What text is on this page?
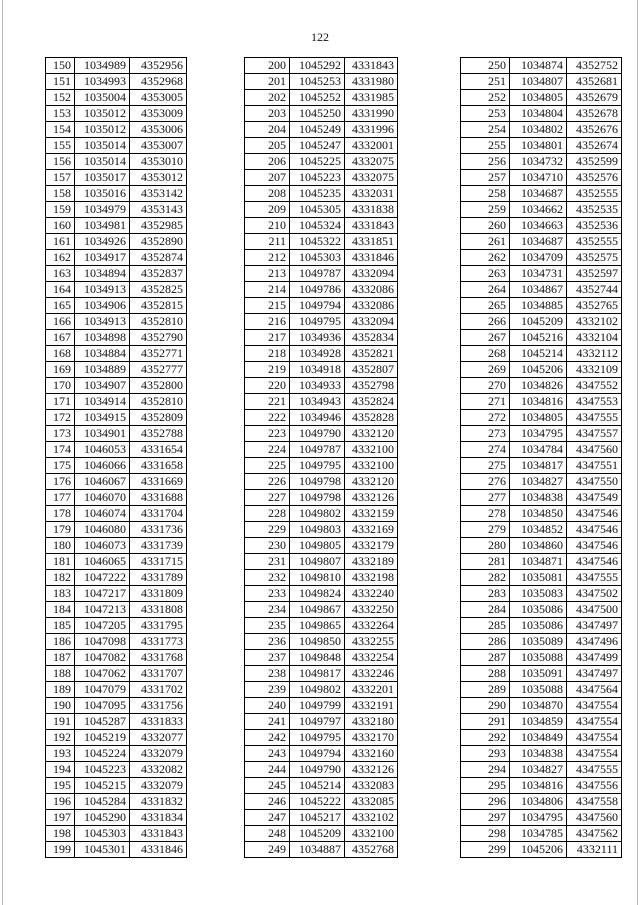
122
150	1034989	4352956
151	1034993	4352968
152	1035004	4353005
153	1035012	4353009
154	1035012	4353006
155	1035014	4353007
156	1035014	4353010
157	1035017	4353012
158	1035016	4353142
159	1034979	4353143
160	1034981	4352985
161	1034926	4352890
162	1034917	4352874
163	1034894	4352837
164	1034913	4352825
165	1034906	4352815
166	1034913	4352810
167	1034898	4352790
168	1034884	4352771
169	1034889	4352777
170	1034907	4352800
171	1034914	4352810
172	1034915	4352809
173	1034901	4352788
174	1046053	4331654
175	1046066	4331658
176	1046067	4331669
177	1046070	4331688
178	1046074	4331704
179	1046080	4331736
180	1046073	4331739
181	1046065	4331715
182	1047222	4331789
183	1047217	4331809
184	1047213	4331808
185	1047205	4331795
186	1047098	4331773
187	1047082	4331768
188	1047062	4331707
189	1047079	4331702
190	1047095	4331756
191	1045287	4331833
192	1045219	4332077
193	1045224	4332079
194	1045223	4332082
195	1045215	4332079
196	1045284	4331832
197	1045290	4331834
198	1045303	4331843
199	1045301	4331846
200	1045292	4331843
201	1045253	4331980
202	1045252	4331985
203	1045250	4331990
204	1045249	4331996
205	1045247	4332001
206	1045225	4332075
207	1045223	4332075
208	1045235	4332031
209	1045305	4331838
210	1045324	4331843
211	1045322	4331851
212	1045303	4331846
213	1049787	4332094
214	1049786	4332086
215	1049794	4332086
216	1049795	4332094
217	1034936	4352834
218	1034928	4352821
219	1034918	4352807
220	1034933	4352798
221	1034943	4352824
222	1034946	4352828
223	1049790	4332120
224	1049787	4332100
225	1049795	4332100
226	1049798	4332120
227	1049798	4332126
228	1049802	4332159
229	1049803	4332169
230	1049805	4332179
231	1049807	4332189
232	1049810	4332198
233	1049824	4332240
234	1049867	4332250
235	1049865	4332264
236	1049850	4332255
237	1049848	4332254
238	1049817	4332246
239	1049802	4332201
240	1049799	4332191
241	1049797	4332180
242	1049795	4332170
243	1049794	4332160
244	1049790	4332126
245	1045214	4332083
246	1045222	4332085
247	1045217	4332102
248	1045209	4332100
249	1034887	4352768
250	1034874	4352752
251	1034807	4352681
252	1034805	4352679
253	1034804	4352678
254	1034802	4352676
255	1034801	4352674
256	1034732	4352599
257	1034710	4352576
258	1034687	4352555
259	1034662	4352535
260	1034663	4352536
261	1034687	4352555
262	1034709	4352575
263	1034731	4352597
264	1034867	4352744
265	1034885	4352765
266	1045209	4332102
267	1045216	4332104
268	1045214	4332112
269	1045206	4332109
270	1034826	4347552
271	1034816	4347553
272	1034805	4347555
273	1034795	4347557
274	1034784	4347560
275	1034817	4347551
276	1034827	4347550
277	1034838	4347549
278	1034850	4347546
279	1034852	4347546
280	1034860	4347546
281	1034871	4347546
282	1035081	4347555
283	1035083	4347502
284	1035086	4347500
285	1035086	4347497
286	1035089	4347496
287	1035088	4347499
288	1035091	4347497
289	1035088	4347564
290	1034870	4347554
291	1034859	4347554
292	1034849	4347554
293	1034838	4347554
294	1034827	4347555
295	1034816	4347556
296	1034806	4347558
297	1034795	4347560
298	1034785	4347562
299	1045206	4332111
